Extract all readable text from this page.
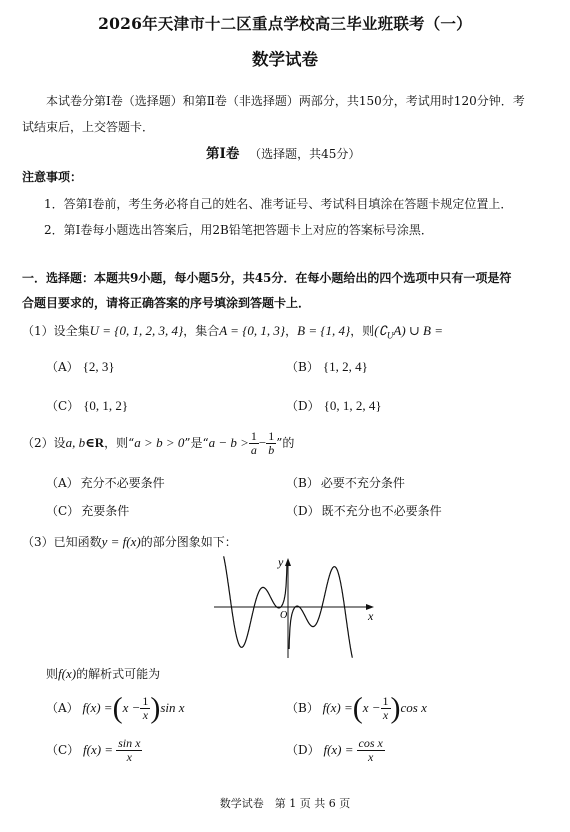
2026年天津市十二区重点学校高三毕业班联考（一）
数学试卷
本试卷分第Ⅰ卷（选择题）和第Ⅱ卷（非选择题）两部分，共150分，考试用时120分钟．考
试结束后，上交答题卡．
第Ⅰ卷 （选择题，共45分）
注意事项：
1．答第Ⅰ卷前，考生务必将自己的姓名、准考证号、考试科目填涂在答题卡规定位置上．
2．第Ⅰ卷每小题选出答案后，用2B铅笔把答题卡上对应的答案标号涂黑．
一．选择题：本题共9小题，每小题5分，共45分．在每小题给出的四个选项中只有一项是符
合题目要求的，请将正确答案的序号填涂到答题卡上．
（1）设全集U = {0, 1, 2, 3, 4}，集合A = {0, 1, 3}，B = {1, 4}，则$(∁_UA)$ ∪ B =
（A） {2, 3}	（B） {1, 2, 4}
（C） {0, 1, 2}	（D） {0, 1, 2, 4}
（2）设a, b∈R，则“a > b > 0”是“$a - b > \frac{1}{a} - \frac{1}{b}$ ”的
（A） 充分不必要条件	（B） 必要不充分条件
（C） 充要条件	（D） 既不充分也不必要条件
（3）已知函数y = f(x)的部分图象如下：
y
x
O
则f(x)的解析式可能为
（A） $f(x) =(x - \frac{1}{x} )\sin$ x	（B） $f(x) =(x - \frac{1}{x} )\cos$ x
（C） $f(x) = \frac{\text{sin x}}{x}$	（D） $f(x) = \frac{\text{cos x}}{x}$
数学试卷　第 1 页 共 6 页
